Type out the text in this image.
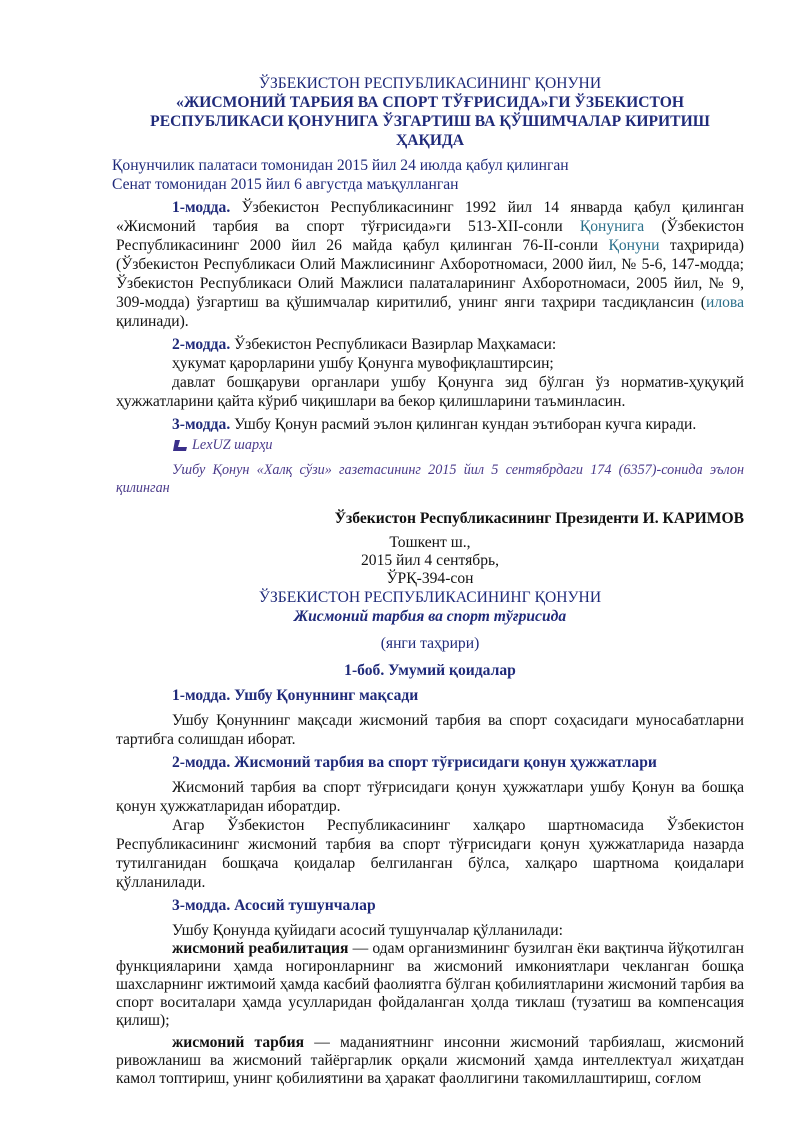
ЎЗБЕКИСТОН РЕСПУБЛИКАСИНИНГ ҚОНУНИ

«ЖИСМОНИЙ ТАРБИЯ ВА СПОРТ ТЎҒРИСИДА»ГИ ЎЗБЕКИСТОН

РЕСПУБЛИКАСИ ҚОНУНИГА ЎЗГАРТИШ ВА ҚЎШИМЧАЛАР КИРИТИШ

ҲАҚИДА

Қонунчилик палатаси томонидан 2015 йил 24 июлда қабул қилинган

Сенат томонидан 2015 йил 6 августда маъқулланган

1-модда. Ўзбекистон Республикасининг 1992 йил 14 январда қабул қилинган «Жисмоний тарбия ва спорт тўғрисида»ги 513-XII-сонли Қонунига (Ўзбекистон Республикасининг 2000 йил 26 майда қабул қилинган 76-II-сонли Қонуни таҳририда) (Ўзбекистон Республикаси Олий Мажлисининг Ахборотномаси, 2000 йил, № 5-6, 147-модда; Ўзбекистон Республикаси Олий Мажлиси палаталарининг Ахборотномаси, 2005 йил, № 9, 309-модда) ўзгартиш ва қўшимчалар киритилиб, унинг янги таҳрири тасдиқлансин (илова қилинади).

2-модда. Ўзбекистон Республикаси Вазирлар Маҳкамаси:

ҳукумат қарорларини ушбу Қонунга мувофиқлаштирсин;

давлат бошқаруви органлари ушбу Қонунга зид бўлган ўз норматив-ҳуқуқий ҳужжатларини қайта кўриб чиқишлари ва бекор қилишларини таъминласин.

3-модда. Ушбу Қонун расмий эълон қилинган кундан эътиборан кучга киради.

LexUZ шарҳи

Ушбу Қонун «Халқ сўзи» газетасининг 2015 йил 5 сентябрдаги 174 (6357)-сонида эълон қилинган

Ўзбекистон Республикасининг Президенти И. КАРИМОВ

Тошкент ш.,
2015 йил 4 сентябрь,
ЎРҚ-394-сон

ЎЗБЕКИСТОН РЕСПУБЛИКАСИНИНГ ҚОНУНИ

Жисмоний тарбия ва спорт тўғрисида

(янги таҳрири)

1-боб. Умумий қоидалар

1-модда. Ушбу Қонуннинг мақсади

Ушбу Қонуннинг мақсади жисмоний тарбия ва спорт соҳасидаги муносабатларни тартибга солишдан иборат.

2-модда. Жисмоний тарбия ва спорт тўғрисидаги қонун ҳужжатлари

Жисмоний тарбия ва спорт тўғрисидаги қонун ҳужжатлари ушбу Қонун ва бошқа қонун ҳужжатларидан иборатдир.

Агар Ўзбекистон Республикасининг халқаро шартномасида Ўзбекистон Республикасининг жисмоний тарбия ва спорт тўғрисидаги қонун ҳужжатларида назарда тутилганидан бошқача қоидалар белгиланган бўлса, халқаро шартнома қоидалари қўлланилади.

3-модда. Асосий тушунчалар

Ушбу Қонунда қуйидаги асосий тушунчалар қўлланилади:

жисмоний реабилитация — одам организмининг бузилган ёки вақтинча йўқотилган функцияларини ҳамда ногиронларнинг ва жисмоний имкониятлари чекланган бошқа шахсларнинг ижтимоий ҳамда касбий фаолиятга бўлган қобилиятларини жисмоний тарбия ва спорт воситалари ҳамда усулларидан фойдаланган ҳолда тиклаш (тузатиш ва компенсация қилиш);

жисмоний тарбия — маданиятнинг инсонни жисмоний тарбиялаш, жисмоний ривожланиш ва жисмоний тайёргарлик орқали жисмоний ҳамда интеллектуал жиҳатдан камол топтириш, унинг қобилиятини ва ҳаракат фаоллигини такомиллаштириш, соғлом
